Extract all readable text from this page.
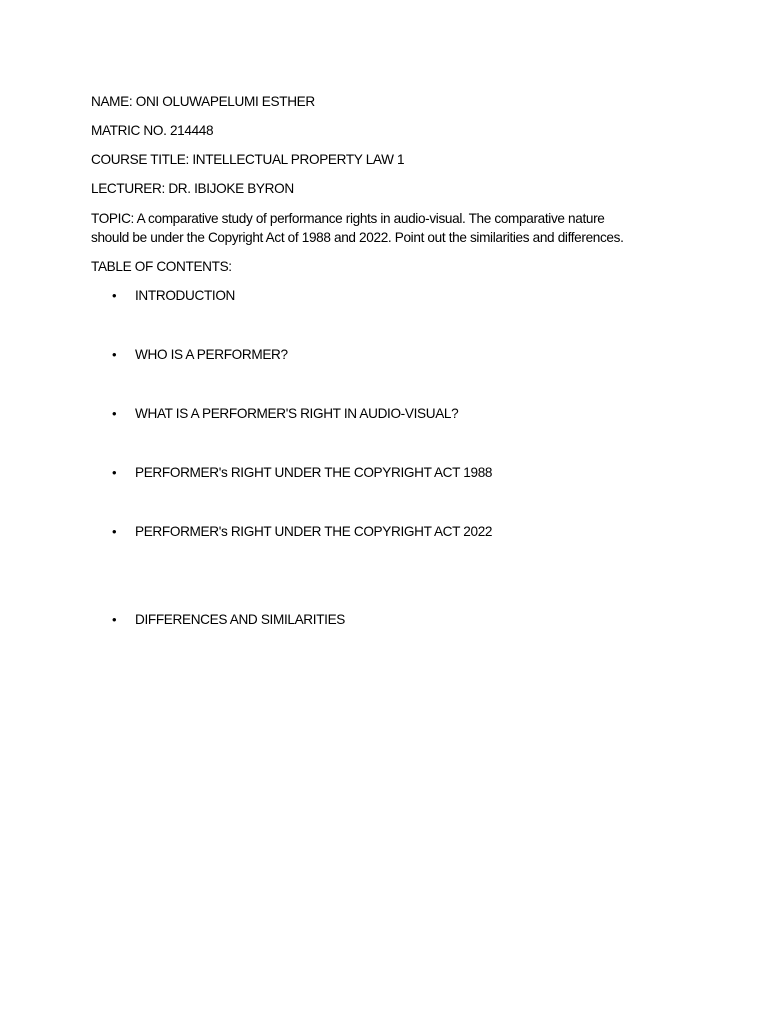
NAME: ONI OLUWAPELUMI ESTHER
MATRIC NO. 214448
COURSE TITLE: INTELLECTUAL PROPERTY LAW 1
LECTURER: DR. IBIJOKE BYRON
TOPIC: A comparative study of performance rights in audio-visual. The comparative nature
should be under the Copyright Act of 1988 and 2022. Point out the similarities and differences.
TABLE OF CONTENTS:
• INTRODUCTION
• WHO IS A PERFORMER?
• WHAT IS A PERFORMER'S RIGHT IN AUDIO-VISUAL?
• PERFORMER's RIGHT UNDER THE COPYRIGHT ACT 1988
• PERFORMER's RIGHT UNDER THE COPYRIGHT ACT 2022
• DIFFERENCES AND SIMILARITIES
